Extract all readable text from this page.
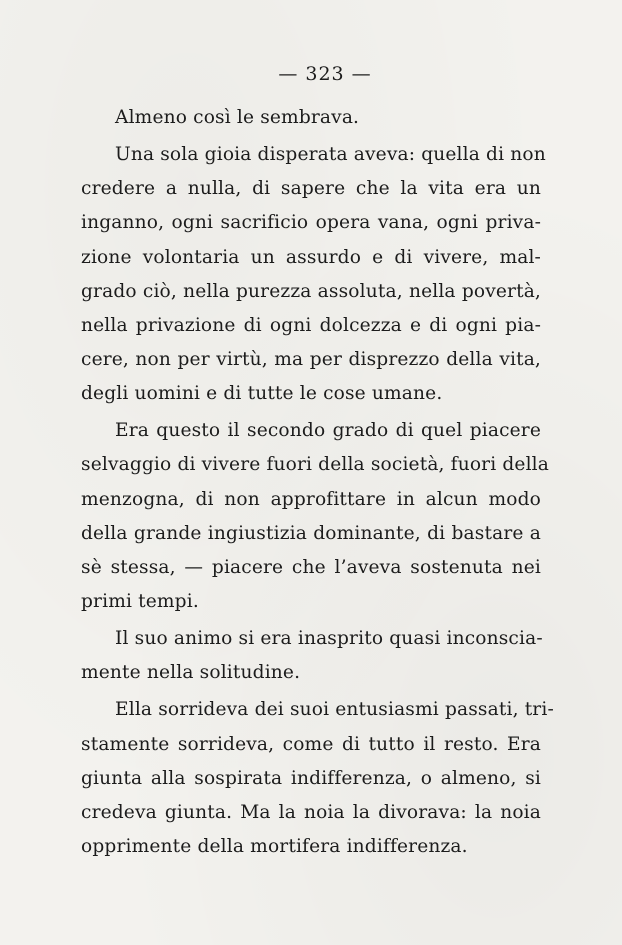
— 323 —
Almeno così le sembrava.
Una sola gioia disperata aveva: quella di non
credere a nulla, di sapere che la vita era un
inganno, ogni sacrificio opera vana, ogni priva-
zione volontaria un assurdo e di vivere, mal-
grado ciò, nella purezza assoluta, nella povertà,
nella privazione di ogni dolcezza e di ogni pia-
cere, non per virtù, ma per disprezzo della vita,
degli uomini e di tutte le cose umane.
Era questo il secondo grado di quel piacere
selvaggio di vivere fuori della società, fuori della
menzogna, di non approfittare in alcun modo
della grande ingiustizia dominante, di bastare a
sè stessa, — piacere che l’aveva sostenuta nei
primi tempi.
Il suo animo si era inasprito quasi inconscia-
mente nella solitudine.
Ella sorrideva dei suoi entusiasmi passati, tri-
stamente sorrideva, come di tutto il resto. Era
giunta alla sospirata indifferenza, o almeno, si
credeva giunta. Ma la noia la divorava: la noia
opprimente della mortifera indifferenza.
